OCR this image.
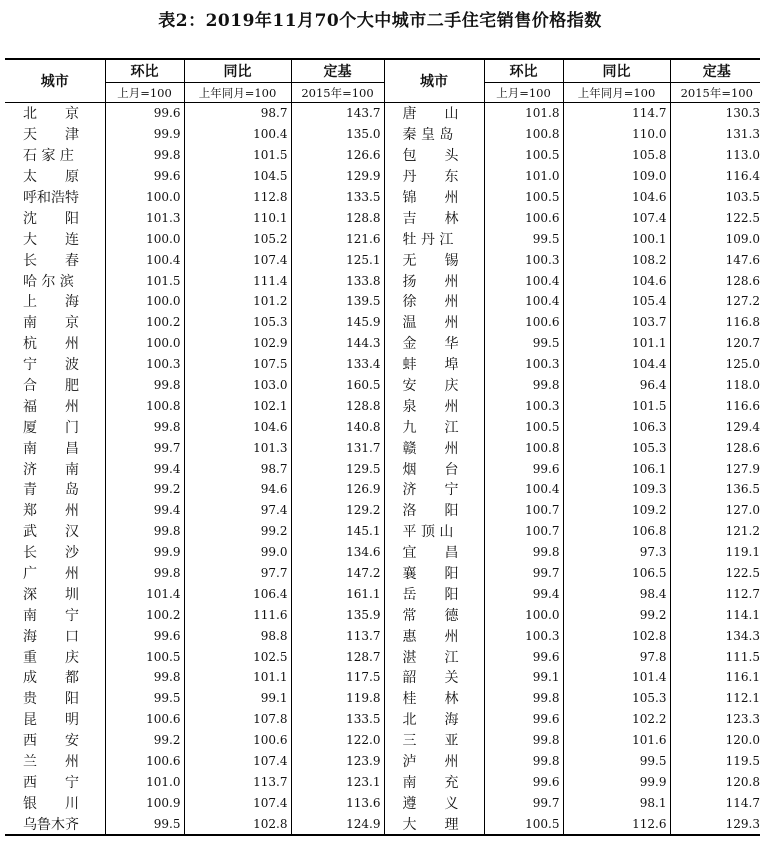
表2：2019年11月70个大中城市二手住宅销售价格指数
城市	环比	同比	定基	城市	环比	同比	定基
	上月=100	上年同月=100	2015年=100		上月=100	上年同月=100	2015年=100
北　　京	99.6	98.7	143.7	唐　　山	101.8	114.7	130.3
天　　津	99.9	100.4	135.0	秦 皇 岛	100.8	110.0	131.3
石 家 庄	99.8	101.5	126.6	包　　头	100.5	105.8	113.0
太　　原	99.6	104.5	129.9	丹　　东	101.0	109.0	116.4
呼和浩特	100.0	112.8	133.5	锦　　州	100.5	104.6	103.5
沈　　阳	101.3	110.1	128.8	吉　　林	100.6	107.4	122.5
大　　连	100.0	105.2	121.6	牡 丹 江	99.5	100.1	109.0
长　　春	100.4	107.4	125.1	无　　锡	100.3	108.2	147.6
哈 尔 滨	101.5	111.4	133.8	扬　　州	100.4	104.6	128.6
上　　海	100.0	101.2	139.5	徐　　州	100.4	105.4	127.2
南　　京	100.2	105.3	145.9	温　　州	100.6	103.7	116.8
杭　　州	100.0	102.9	144.3	金　　华	99.5	101.1	120.7
宁　　波	100.3	107.5	133.4	蚌　　埠	100.3	104.4	125.0
合　　肥	99.8	103.0	160.5	安　　庆	99.8	96.4	118.0
福　　州	100.8	102.1	128.8	泉　　州	100.3	101.5	116.6
厦　　门	99.8	104.6	140.8	九　　江	100.5	106.3	129.4
南　　昌	99.7	101.3	131.7	赣　　州	100.8	105.3	128.6
济　　南	99.4	98.7	129.5	烟　　台	99.6	106.1	127.9
青　　岛	99.2	94.6	126.9	济　　宁	100.4	109.3	136.5
郑　　州	99.4	97.4	129.2	洛　　阳	100.7	109.2	127.0
武　　汉	99.8	99.2	145.1	平 顶 山	100.7	106.8	121.2
长　　沙	99.9	99.0	134.6	宜　　昌	99.8	97.3	119.1
广　　州	99.8	97.7	147.2	襄　　阳	99.7	106.5	122.5
深　　圳	101.4	106.4	161.1	岳　　阳	99.4	98.4	112.7
南　　宁	100.2	111.6	135.9	常　　德	100.0	99.2	114.1
海　　口	99.6	98.8	113.7	惠　　州	100.3	102.8	134.3
重　　庆	100.5	102.5	128.7	湛　　江	99.6	97.8	111.5
成　　都	99.8	101.1	117.5	韶　　关	99.1	101.4	116.1
贵　　阳	99.5	99.1	119.8	桂　　林	99.8	105.3	112.1
昆　　明	100.6	107.8	133.5	北　　海	99.6	102.2	123.3
西　　安	99.2	100.6	122.0	三　　亚	99.8	101.6	120.0
兰　　州	100.6	107.4	123.9	泸　　州	99.8	99.5	119.5
西　　宁	101.0	113.7	123.1	南　　充	99.6	99.9	120.8
银　　川	100.9	107.4	113.6	遵　　义	99.7	98.1	114.7
乌鲁木齐	99.5	102.8	124.9	大　　理	100.5	112.6	129.3
